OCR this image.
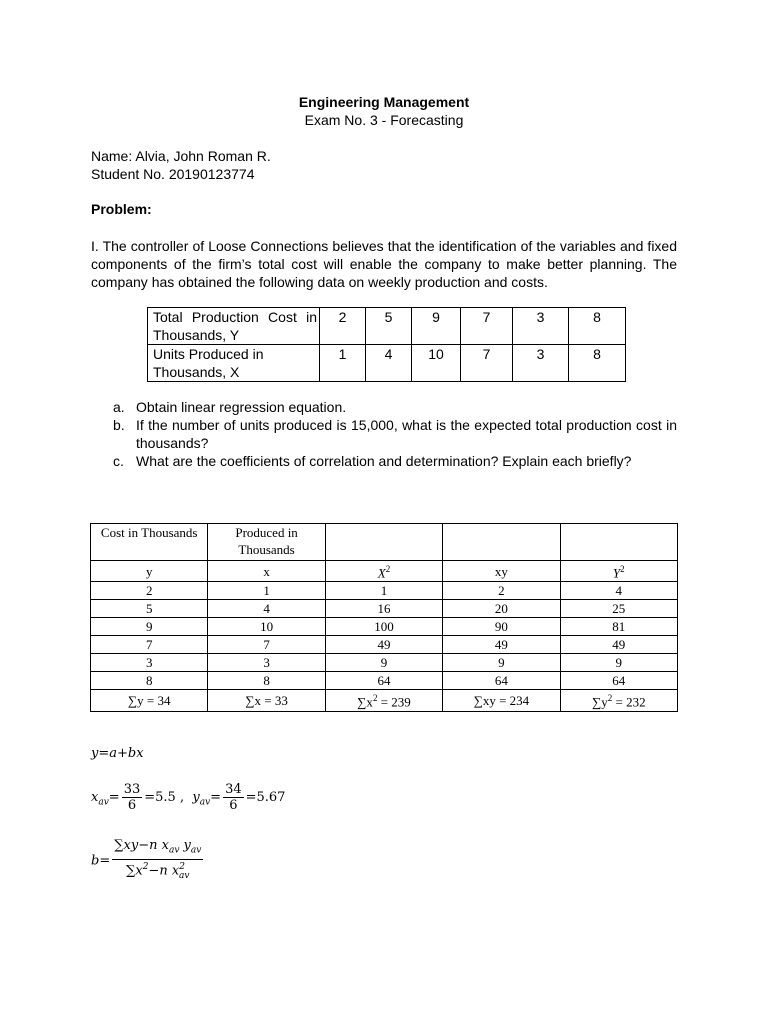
Engineering Management
Exam No. 3 - Forecasting
Name: Alvia, John Roman R.
Student No. 20190123774
Problem:
I. The controller of Loose Connections believes that the identification of the variables and fixed components of the firm’s total cost will enable the company to make better planning. The company has obtained the following data on weekly production and costs.
Total Production Cost in Thousands, Y	2	5	9	7	3	8
Units Produced in Thousands, X	1	4	10	7	3	8
a. Obtain linear regression equation.
b. If the number of units produced is 15,000, what is the expected total production cost in thousands?
c. What are the coefficients of correlation and determination? Explain each briefly?
Cost in Thousands	Produced in Thousands			
y	x	$X^2$	xy	$Y^2$
2	1	1	2	4
5	4	16	20	25
9	10	100	90	81
7	7	49	49	49
3	3	9	9	9
8	8	64	64	64
∑y = 34	∑x = 33	$\sum x^2 = 239$	∑xy = 234	$\sum y^2 = 232$
y=a+bx
$x_{av}= \frac{33}{6} =5.5$ ,  $y_{av}= \frac{34}{6} =5.67$
$b= \frac{\sum xy-n x_{av} y_{av}}{\sum x^2-n x^2_{av}}$
